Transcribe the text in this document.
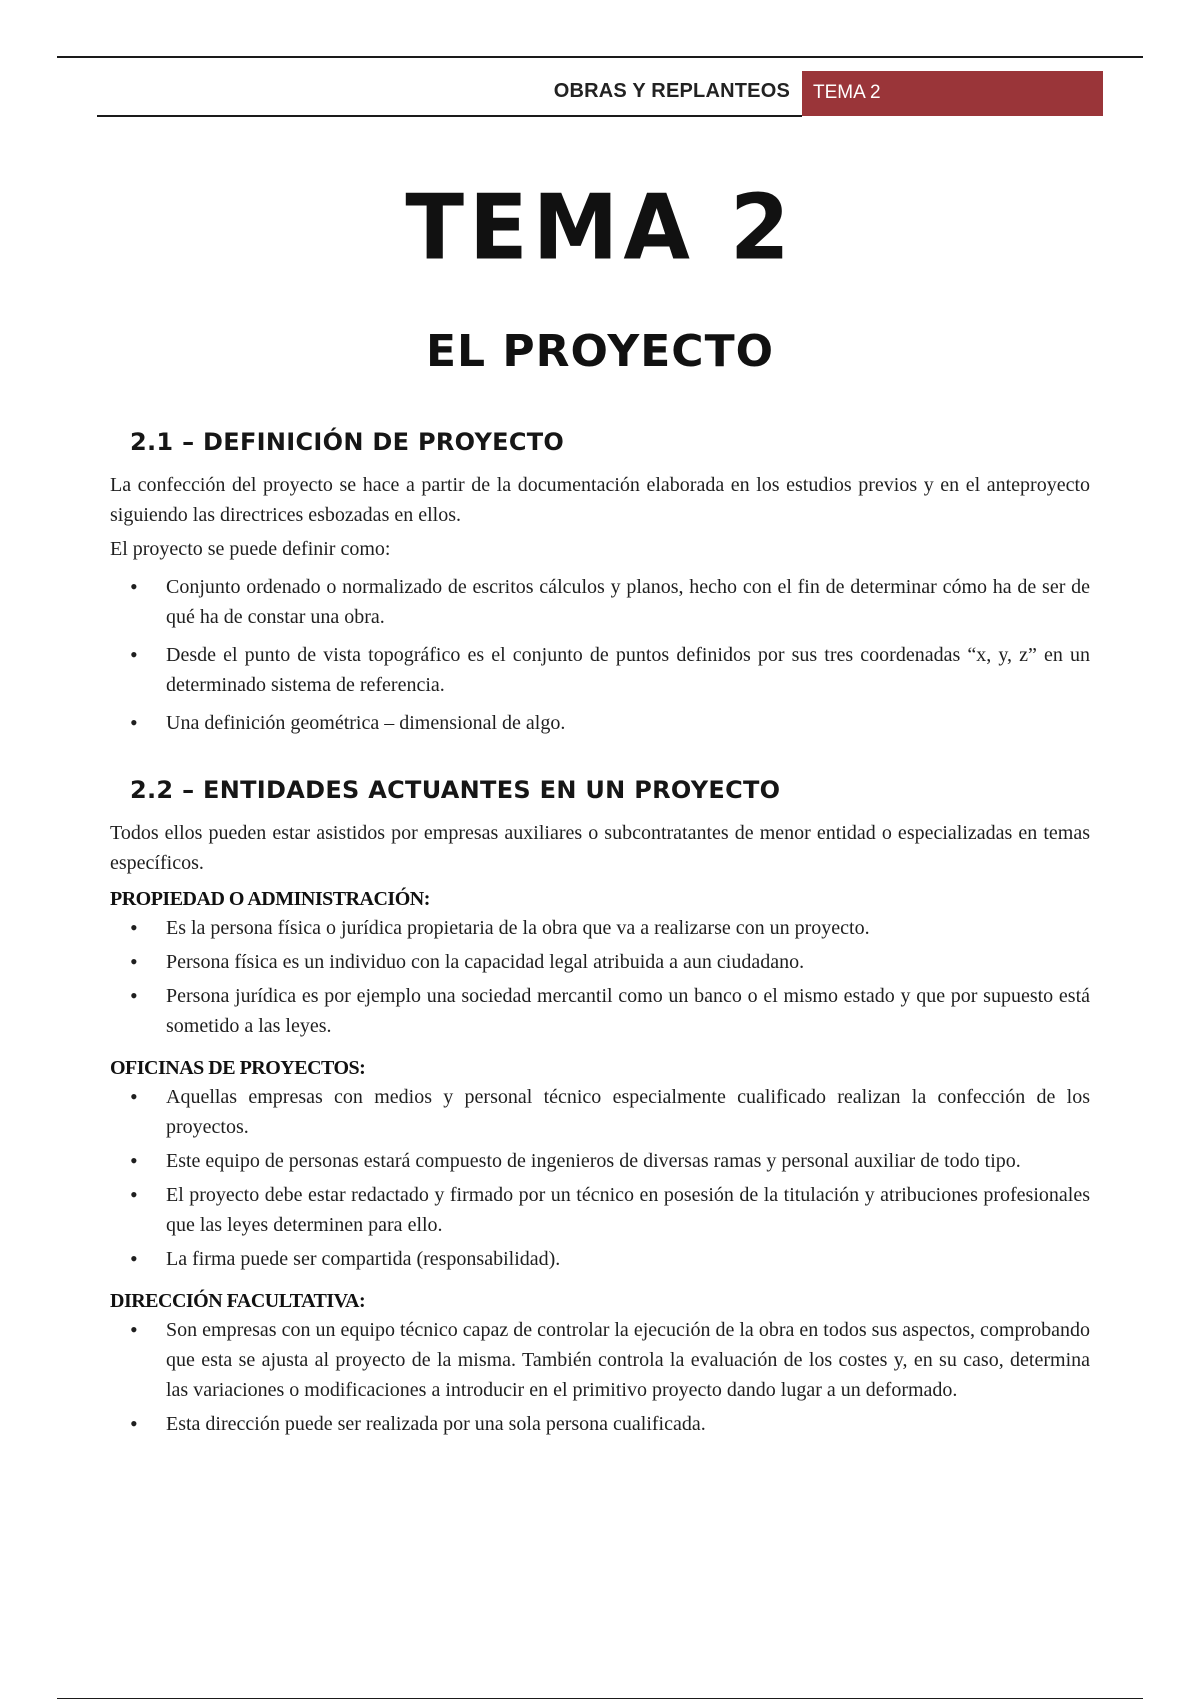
OBRAS Y REPLANTEOS	TEMA 2
TEMA 2
EL PROYECTO
2.1 – DEFINICIÓN DE PROYECTO

La confección del proyecto se hace a partir de la documentación elaborada en los estudios previos y en el anteproyecto siguiendo las directrices esbozadas en ellos.

El proyecto se puede definir como:

• Conjunto ordenado o normalizado de escritos cálculos y planos, hecho con el fin de determinar cómo ha de ser de qué ha de constar una obra.
• Desde el punto de vista topográfico es el conjunto de puntos definidos por sus tres coordenadas “x, y, z” en un determinado sistema de referencia.
• Una definición geométrica – dimensional de algo.
2.2 – ENTIDADES ACTUANTES EN UN PROYECTO

Todos ellos pueden estar asistidos por empresas auxiliares o subcontratantes de menor entidad o especializadas en temas específicos.

PROPIEDAD O ADMINISTRACIÓN:

• Es la persona física o jurídica propietaria de la obra que va a realizarse con un proyecto.
• Persona física es un individuo con la capacidad legal atribuida a aun ciudadano.
• Persona jurídica es por ejemplo una sociedad mercantil como un banco o el mismo estado y que por supuesto está sometido a las leyes.

OFICINAS DE PROYECTOS:

• Aquellas empresas con medios y personal técnico especialmente cualificado realizan la confección de los proyectos.
• Este equipo de personas estará compuesto de ingenieros de diversas ramas y personal auxiliar de todo tipo.
• El proyecto debe estar redactado y firmado por un técnico en posesión de la titulación y atribuciones profesionales que las leyes determinen para ello.
• La firma puede ser compartida (responsabilidad).

DIRECCIÓN FACULTATIVA:

• Son empresas con un equipo técnico capaz de controlar la ejecución de la obra en todos sus aspectos, comprobando que esta se ajusta al proyecto de la misma. También controla la evaluación de los costes y, en su caso, determina las variaciones o modificaciones a introducir en el primitivo proyecto dando lugar a un deformado.
• Esta dirección puede ser realizada por una sola persona cualificada.
